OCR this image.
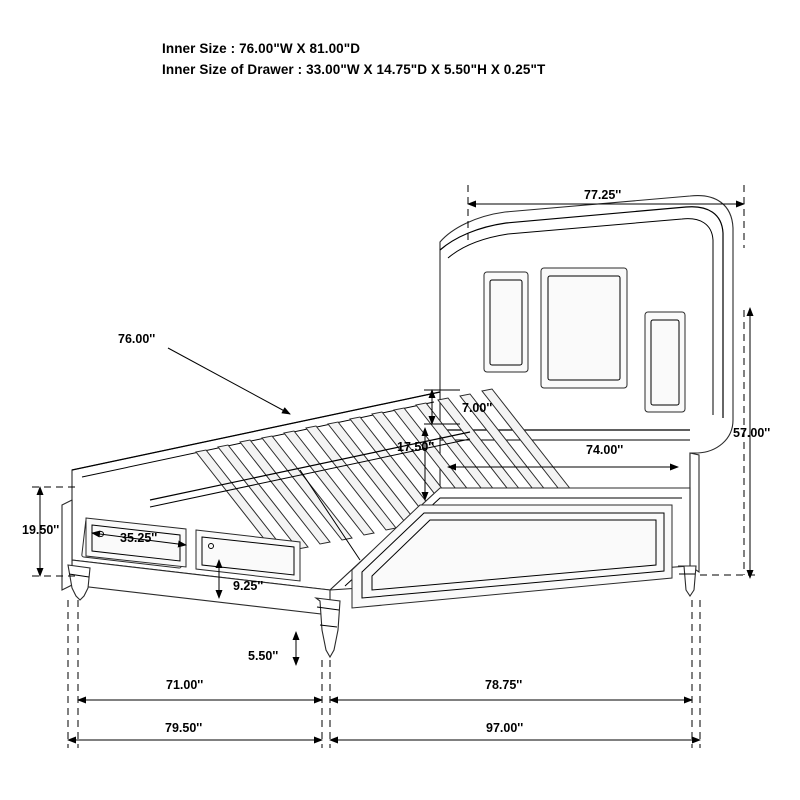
Inner Size : 76.00"W X 81.00"D
Inner Size of Drawer : 33.00"W X 14.75"D X 5.50"H X 0.25"T
77.25''
76.00''
57.00''
7.00''
17.50''	74.00''
19.50''
35.25''
9.25''
5.50''
71.00''	78.75''
79.50''	97.00''
